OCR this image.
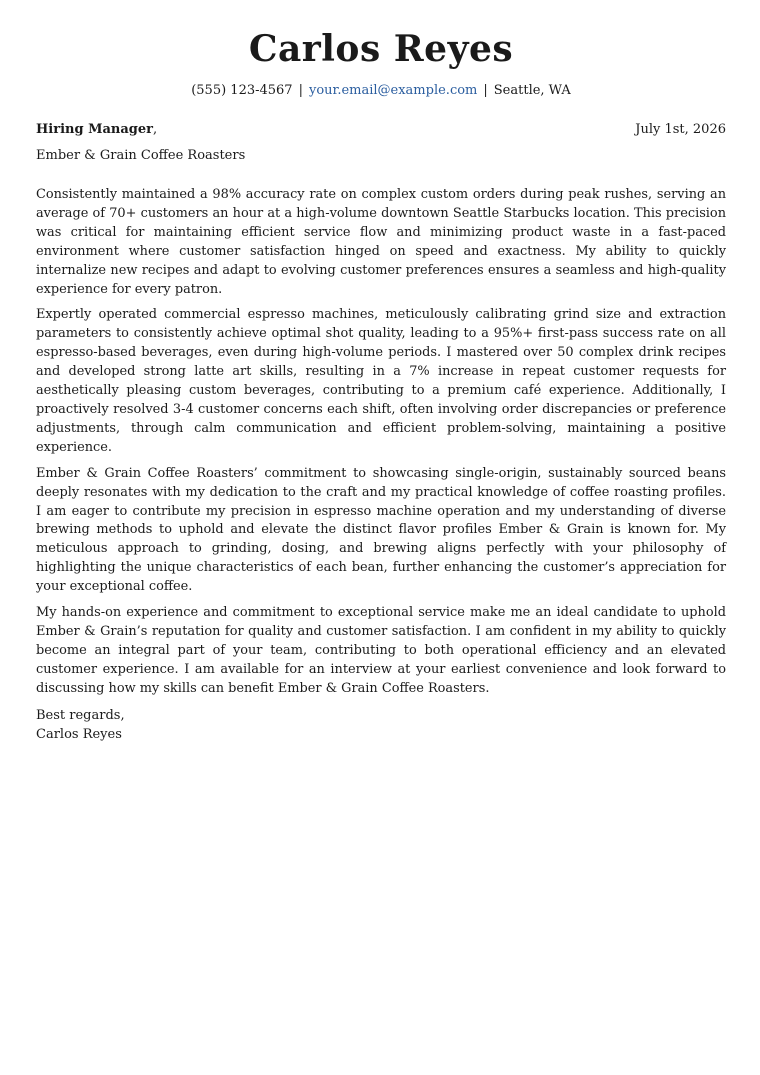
Carlos Reyes
(555) 123-4567 | your.email@example.com | Seattle, WA
Hiring Manager,	July 1st, 2026
Ember & Grain Coffee Roasters

Consistently maintained a 98% accuracy rate on complex custom orders during peak rushes, serving an average of 70+ customers an hour at a high-volume downtown Seattle Starbucks location. This precision was critical for maintaining efficient service flow and minimizing product waste in a fast-paced environment where customer satisfaction hinged on speed and exactness. My ability to quickly internalize new recipes and adapt to evolving customer preferences ensures a seamless and high-quality experience for every patron.

Expertly operated commercial espresso machines, meticulously calibrating grind size and extraction parameters to consistently achieve optimal shot quality, leading to a 95%+ first-pass success rate on all espresso-based beverages, even during high-volume periods. I mastered over 50 complex drink recipes and developed strong latte art skills, resulting in a 7% increase in repeat customer requests for aesthetically pleasing custom beverages, contributing to a premium café experience. Additionally, I proactively resolved 3-4 customer concerns each shift, often involving order discrepancies or preference adjustments, through calm communication and efficient problem-solving, maintaining a positive experience.

Ember & Grain Coffee Roasters’ commitment to showcasing single-origin, sustainably sourced beans deeply resonates with my dedication to the craft and my practical knowledge of coffee roasting profiles. I am eager to contribute my precision in espresso machine operation and my understanding of diverse brewing methods to uphold and elevate the distinct flavor profiles Ember & Grain is known for. My meticulous approach to grinding, dosing, and brewing aligns perfectly with your philosophy of highlighting the unique characteristics of each bean, further enhancing the customer’s appreciation for your exceptional coffee.

My hands-on experience and commitment to exceptional service make me an ideal candidate to uphold Ember & Grain’s reputation for quality and customer satisfaction. I am confident in my ability to quickly become an integral part of your team, contributing to both operational efficiency and an elevated customer experience. I am available for an interview at your earliest convenience and look forward to discussing how my skills can benefit Ember & Grain Coffee Roasters.

Best regards,
Carlos Reyes
